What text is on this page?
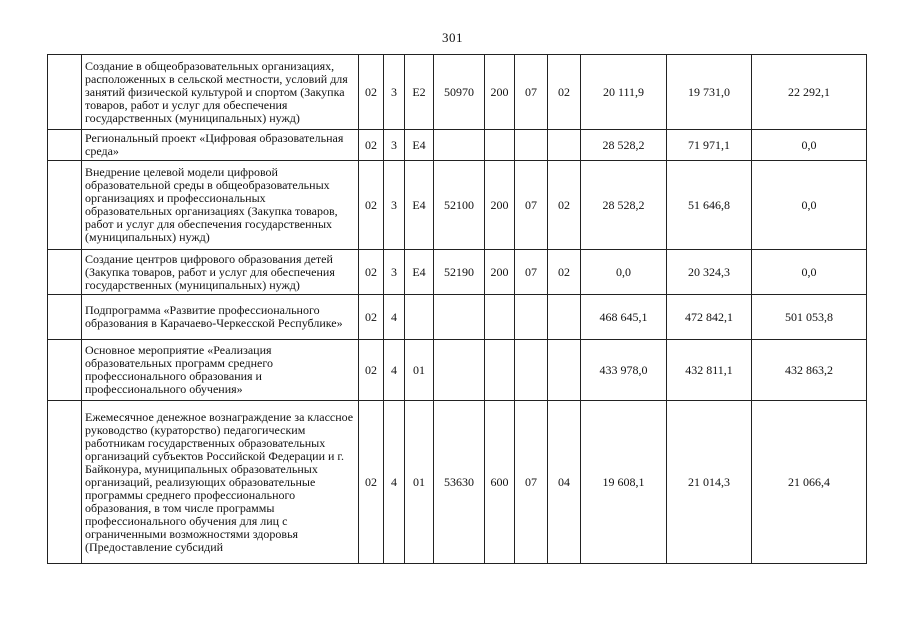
301
	Создание в общеобразовательных организациях, расположенных в сельской местности, условий для занятий физической культурой и спортом (Закупка товаров, работ и услуг для обеспечения государственных (муниципальных) нужд)	02	3	E2	50970	200	07	02	20 111,9	19 731,0	22 292,1
	Региональный проект «Цифровая образовательная среда»	02	3	E4					28 528,2	71 971,1	0,0
	Внедрение целевой модели цифровой образовательной среды в общеобразовательных организациях и профессиональных образовательных организациях (Закупка товаров, работ и услуг для обеспечения государственных (муниципальных) нужд)	02	3	E4	52100	200	07	02	28 528,2	51 646,8	0,0
	Создание центров цифрового образования детей (Закупка товаров, работ и услуг для обеспечения государственных (муниципальных) нужд)	02	3	E4	52190	200	07	02	0,0	20 324,3	0,0
	Подпрограмма «Развитие профессионального образования в Карачаево-Черкесской Республике»	02	4						468 645,1	472 842,1	501 053,8
	Основное мероприятие «Реализация образовательных программ среднего профессионального образования и профессионального обучения»	02	4	01					433 978,0	432 811,1	432 863,2
	Ежемесячное денежное вознаграждение за классное руководство (кураторство) педагогическим работникам государственных образовательных организаций субъектов Российской Федерации и г. Байконура, муниципальных образовательных организаций, реализующих образовательные программы среднего профессионального образования, в том числе программы профессионального обучения для лиц с ограниченными возможностями здоровья (Предоставление субсидий	02	4	01	53630	600	07	04	19 608,1	21 014,3	21 066,4
